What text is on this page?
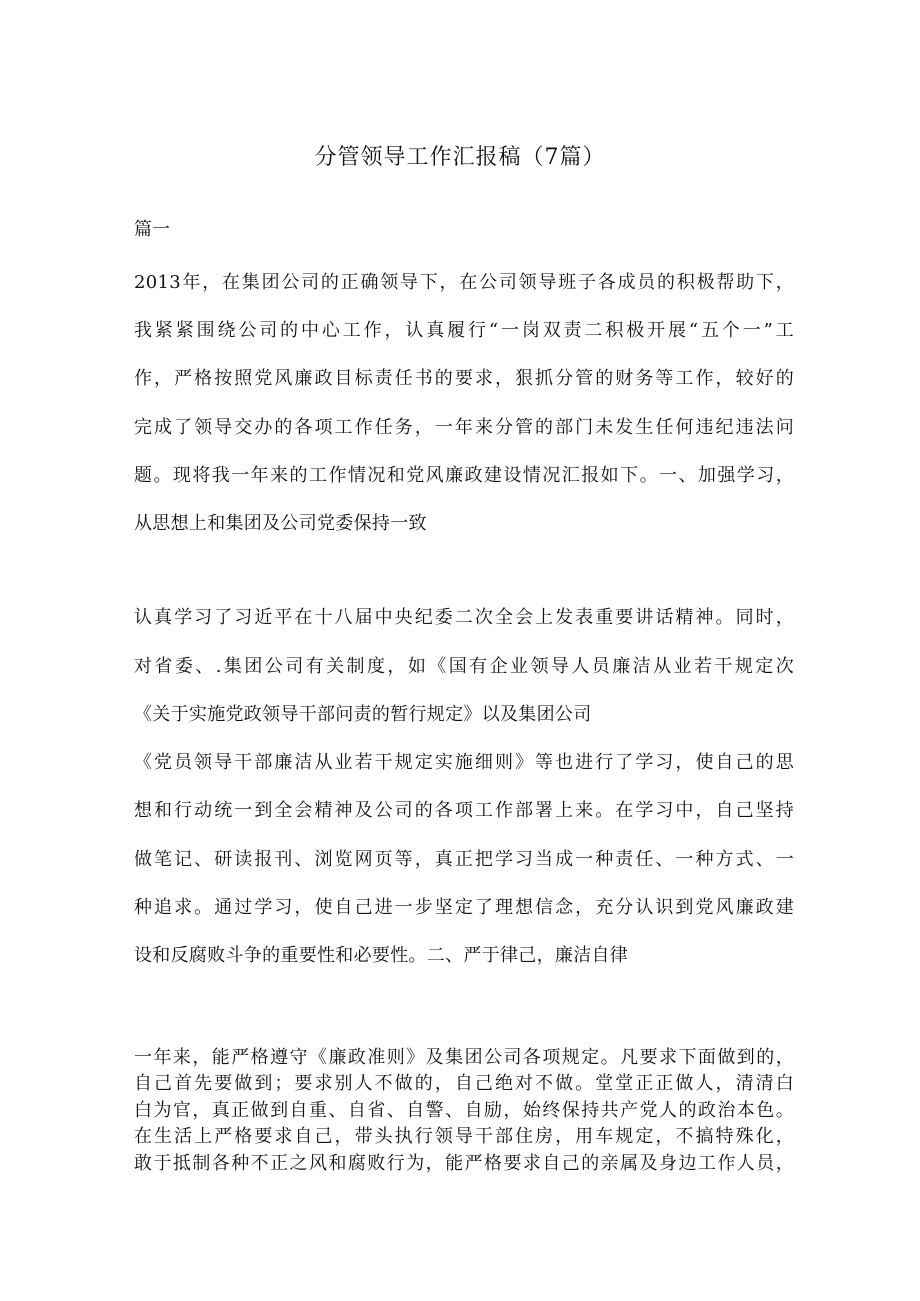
分管领导工作汇报稿（7篇）
篇一
2013年，在集团公司的正确领导下，在公司领导班子各成员的积极帮助下，
我紧紧围绕公司的中心工作，认真履行“一岗双责二积极开展“五个一”工
作，严格按照党风廉政目标责任书的要求，狠抓分管的财务等工作，较好的
完成了领导交办的各项工作任务，一年来分管的部门未发生任何违纪违法问
题。现将我一年来的工作情况和党风廉政建设情况汇报如下。一、加强学习，
从思想上和集团及公司党委保持一致
认真学习了习近平在十八届中央纪委二次全会上发表重要讲话精神。同时，
对省委、.集团公司有关制度，如《国有企业领导人员廉洁从业若干规定次
《关于实施党政领导干部问责的暂行规定》以及集团公司
《党员领导干部廉洁从业若干规定实施细则》等也进行了学习，使自己的思
想和行动统一到全会精神及公司的各项工作部署上来。在学习中，自己坚持
做笔记、研读报刊、浏览网页等，真正把学习当成一种责任、一种方式、一
种追求。通过学习，使自己进一步坚定了理想信念，充分认识到党风廉政建
设和反腐败斗争的重要性和必要性。二、严于律己，廉洁自律
一年来，能严格遵守《廉政准则》及集团公司各项规定。凡要求下面做到的，
自己首先要做到；要求别人不做的，自己绝对不做。堂堂正正做人，清清白
白为官，真正做到自重、自省、自警、自励，始终保持共产党人的政治本色。
在生活上严格要求自己，带头执行领导干部住房，用车规定，不搞特殊化，
敢于抵制各种不正之风和腐败行为，能严格要求自己的亲属及身边工作人员，
